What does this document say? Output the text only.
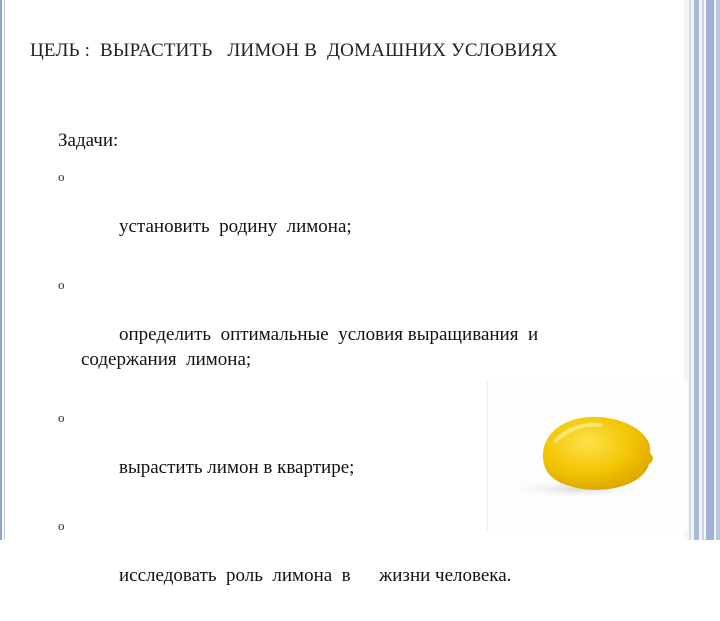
ЦЕЛЬ :  ВЫРАСТИТЬ   ЛИМОН В  ДОМАШНИХ УСЛОВИЯХ
Задачи:

o

установить  родину  лимона;

o

определить  оптимальные  условия выращивания  и содержания  лимона;

o

вырастить лимон в квартире;

o

исследовать  роль  лимона  в      жизни человека.
